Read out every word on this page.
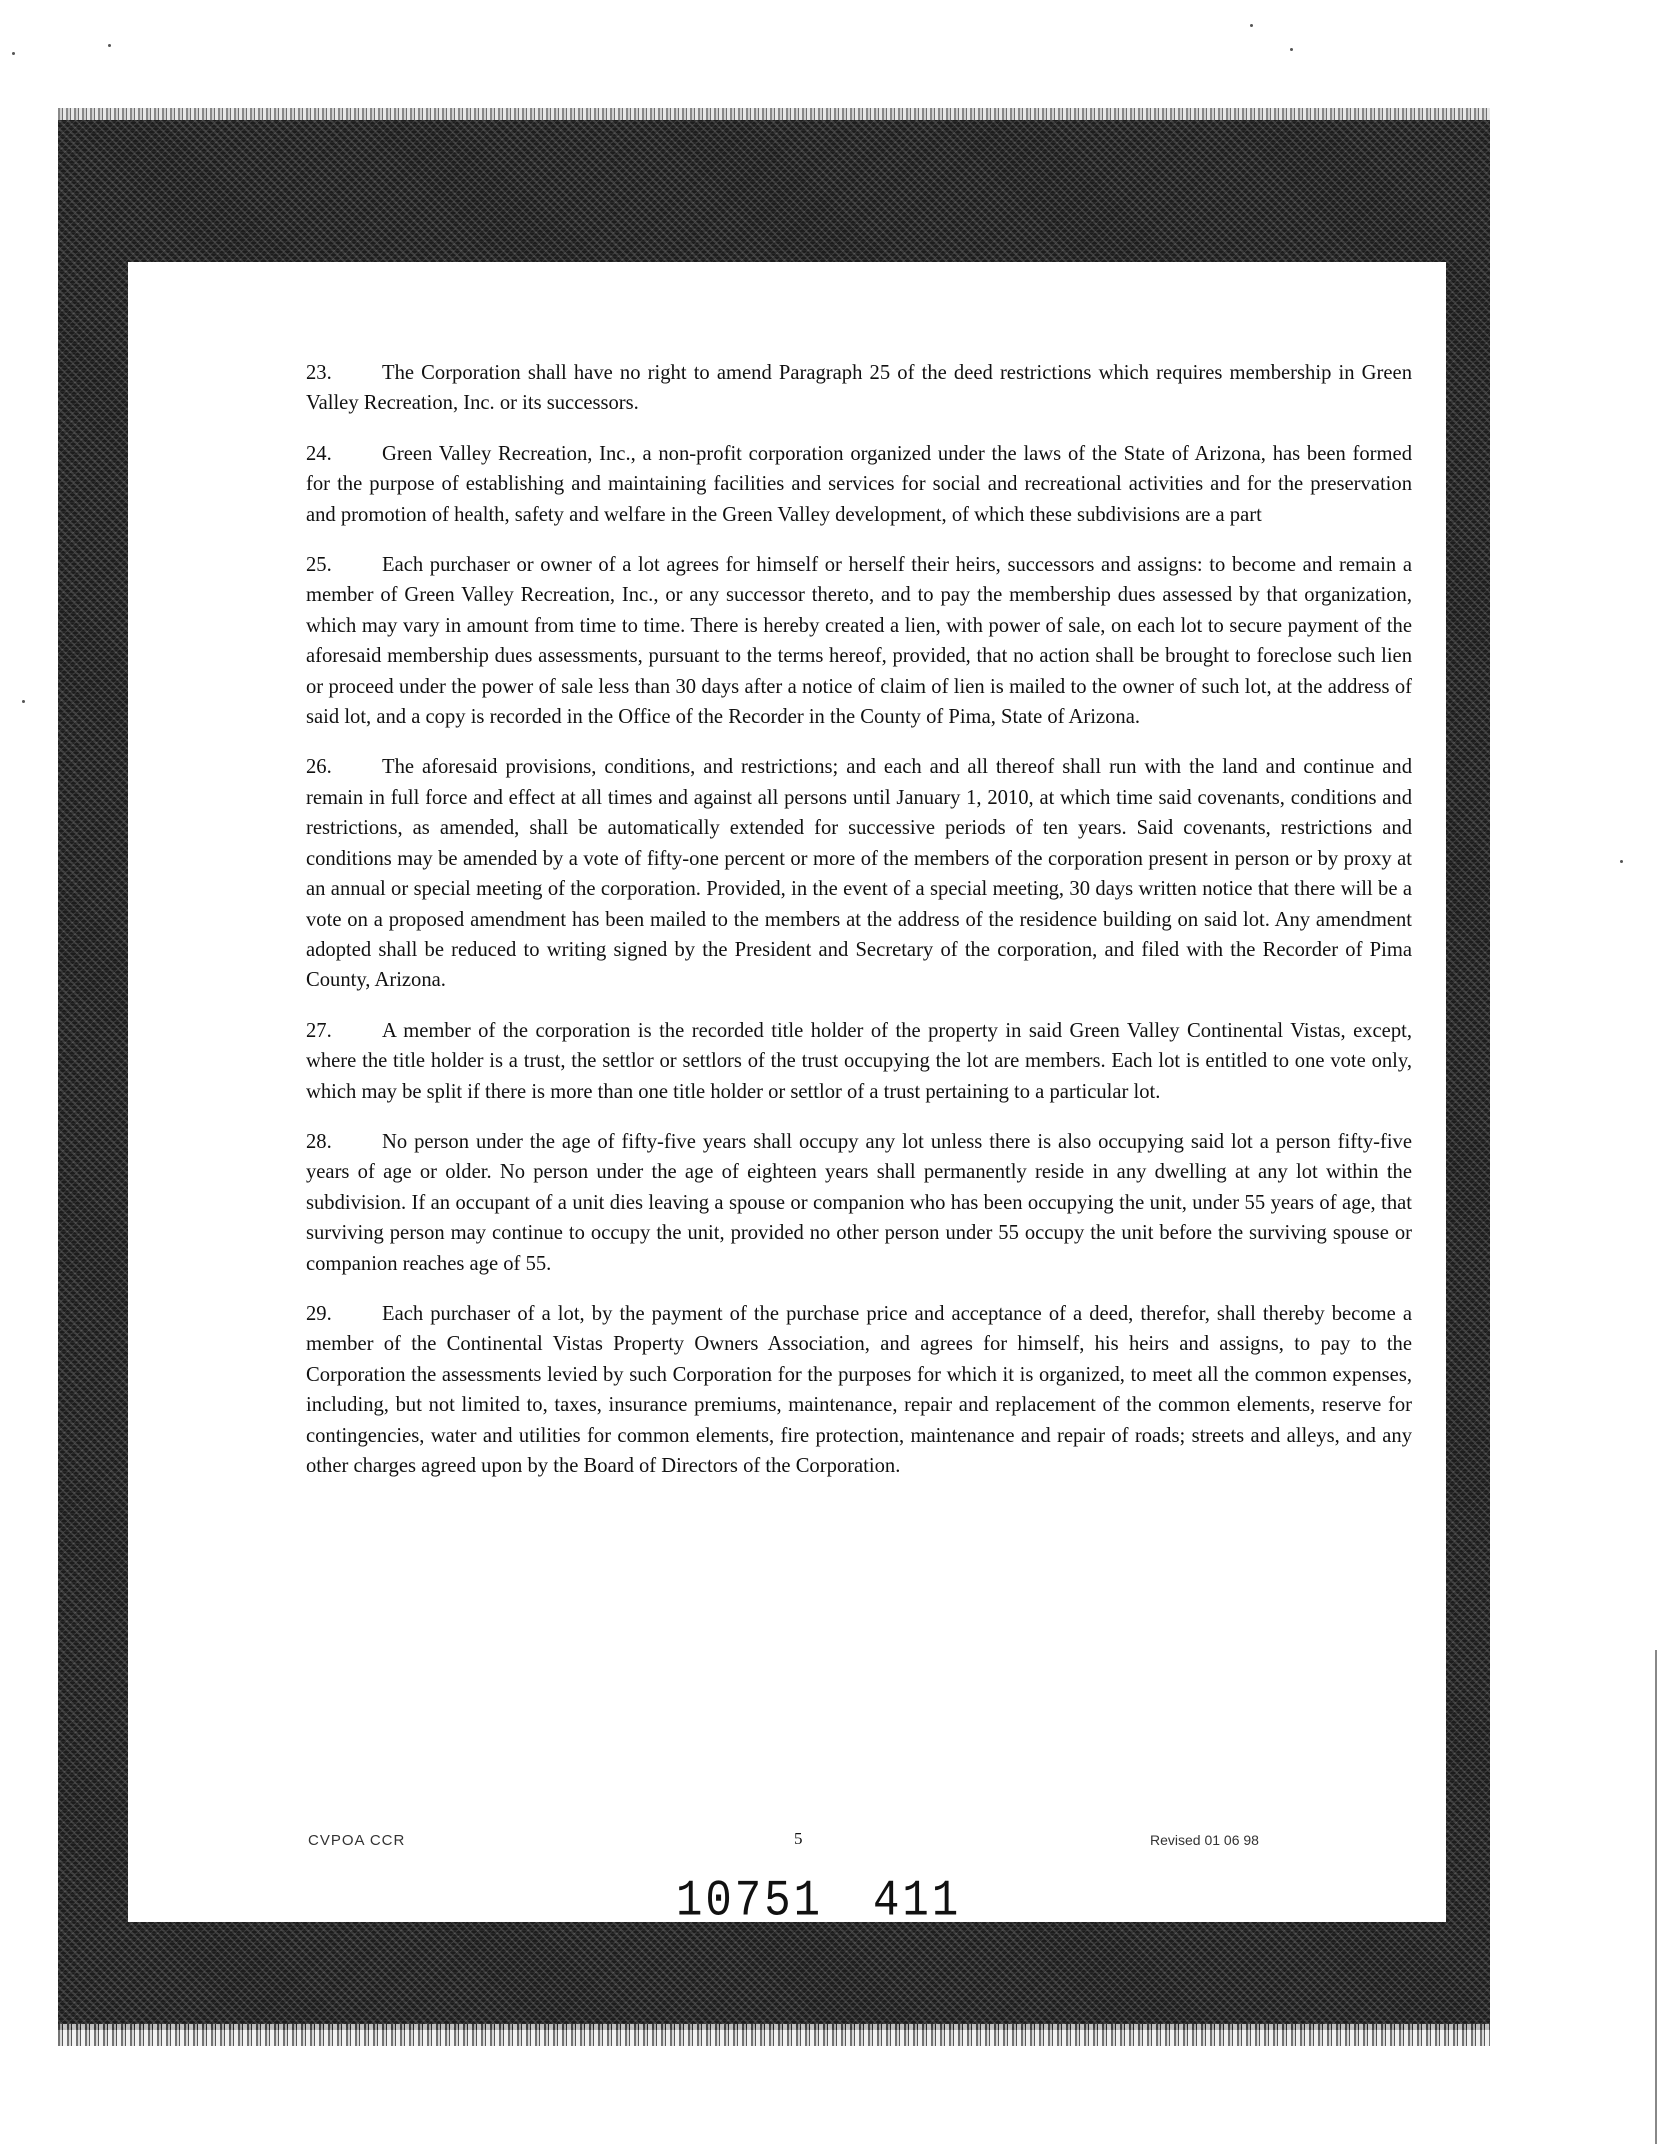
23. The Corporation shall have no right to amend Paragraph 25 of the deed restrictions which requires membership in Green Valley Recreation, Inc. or its successors.

24. Green Valley Recreation, Inc., a non-profit corporation organized under the laws of the State of Arizona, has been formed for the purpose of establishing and maintaining facilities and services for social and recreational activities and for the preservation and promotion of health, safety and welfare in the Green Valley development, of which these subdivisions are a part

25. Each purchaser or owner of a lot agrees for himself or herself their heirs, successors and assigns: to become and remain a member of Green Valley Recreation, Inc., or any successor thereto, and to pay the membership dues assessed by that organization, which may vary in amount from time to time. There is hereby created a lien, with power of sale, on each lot to secure payment of the aforesaid membership dues assessments, pursuant to the terms hereof, provided, that no action shall be brought to foreclose such lien or proceed under the power of sale less than 30 days after a notice of claim of lien is mailed to the owner of such lot, at the address of said lot, and a copy is recorded in the Office of the Recorder in the County of Pima, State of Arizona.

26. The aforesaid provisions, conditions, and restrictions; and each and all thereof shall run with the land and continue and remain in full force and effect at all times and against all persons until January 1, 2010, at which time said covenants, conditions and restrictions, as amended, shall be automatically extended for successive periods of ten years. Said covenants, restrictions and conditions may be amended by a vote of fifty-one percent or more of the members of the corporation present in person or by proxy at an annual or special meeting of the corporation. Provided, in the event of a special meeting, 30 days written notice that there will be a vote on a proposed amendment has been mailed to the members at the address of the residence building on said lot. Any amendment adopted shall be reduced to writing signed by the President and Secretary of the corporation, and filed with the Recorder of Pima County, Arizona.

27. A member of the corporation is the recorded title holder of the property in said Green Valley Continental Vistas, except, where the title holder is a trust, the settlor or settlors of the trust occupying the lot are members. Each lot is entitled to one vote only, which may be split if there is more than one title holder or settlor of a trust pertaining to a particular lot.

28. No person under the age of fifty-five years shall occupy any lot unless there is also occupying said lot a person fifty-five years of age or older. No person under the age of eighteen years shall permanently reside in any dwelling at any lot within the subdivision. If an occupant of a unit dies leaving a spouse or companion who has been occupying the unit, under 55 years of age, that surviving person may continue to occupy the unit, provided no other person under 55 occupy the unit before the surviving spouse or companion reaches age of 55.

29. Each purchaser of a lot, by the payment of the purchase price and acceptance of a deed, therefor, shall thereby become a member of the Continental Vistas Property Owners Association, and agrees for himself, his heirs and assigns, to pay to the Corporation the assessments levied by such Corporation for the purposes for which it is organized, to meet all the common expenses, including, but not limited to, taxes, insurance premiums, maintenance, repair and replacement of the common elements, reserve for contingencies, water and utilities for common elements, fire protection, maintenance and repair of roads; streets and alleys, and any other charges agreed upon by the Board of Directors of the Corporation.

CVPOA CCR	5	Revised 01 06 98
10751 411
